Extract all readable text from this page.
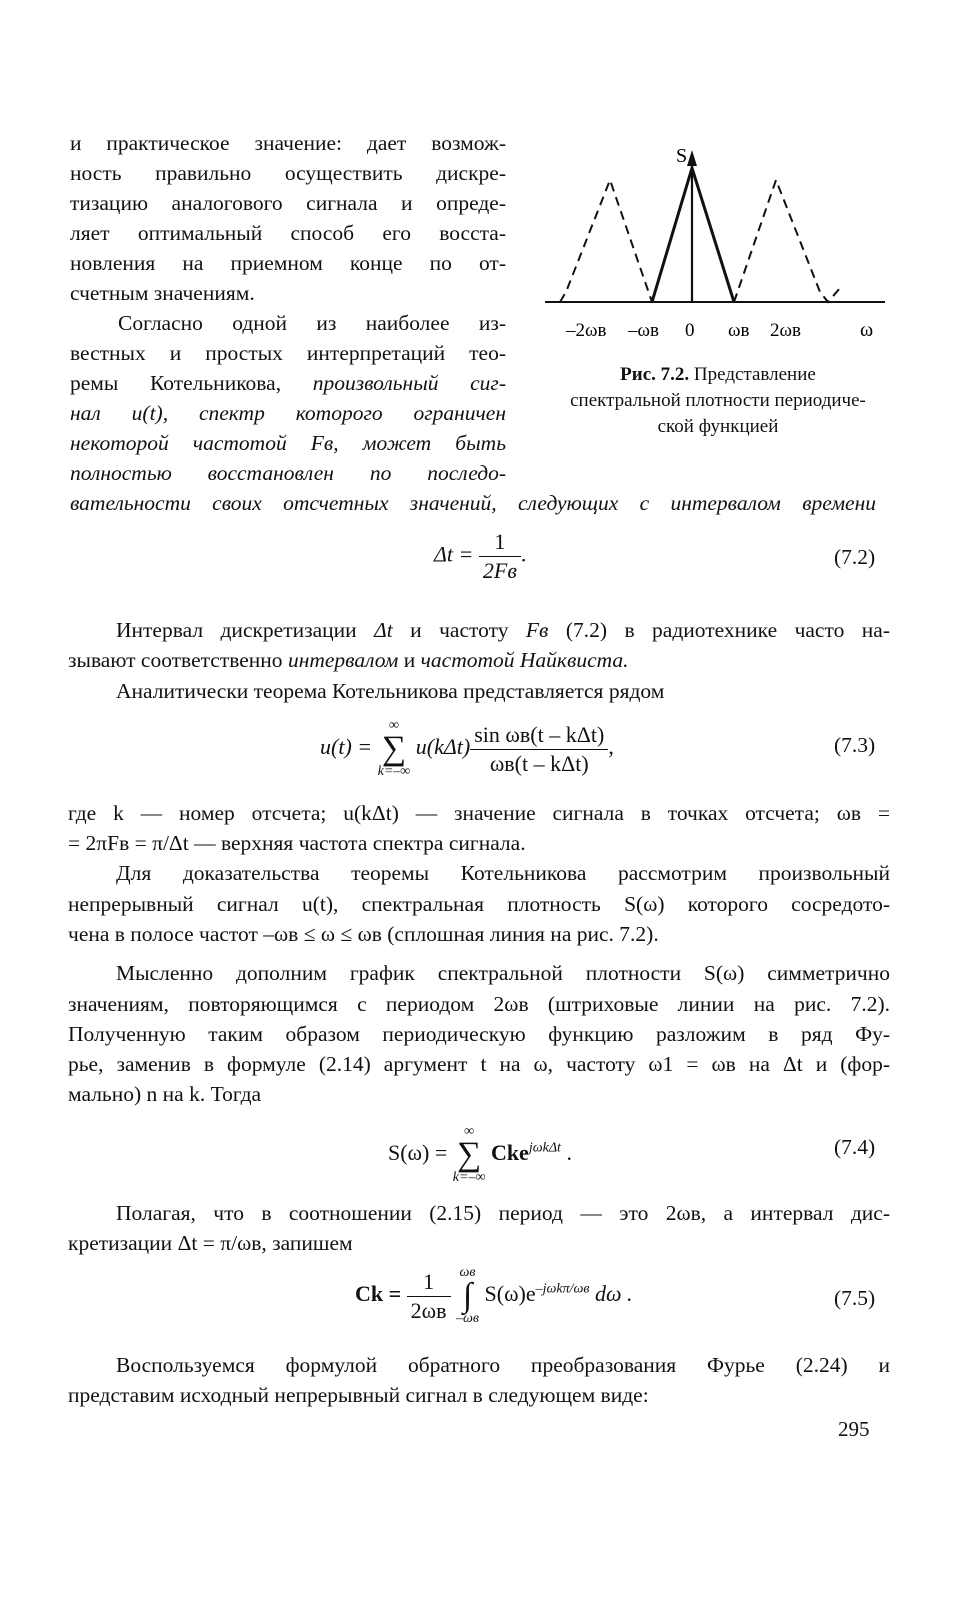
и практическое значение: дает возмож-
ность правильно осуществить дискре-
тизацию аналогового сигнала и опреде-
ляет оптимальный способ его восста-
новления на приемном конце по от-
счетным значениям.
Согласно одной из наиболее из-
вестных и простых интерпретаций тео-
ремы Котельникова, произвольный сиг-
нал u(t), спектр которого ограничен
некоторой частотой Fв, может быть
полностью восстановлен по последо-
вательности своих отсчетных значений, следующих с интервалом времени
S
–2ωв –ωв 0 ωв 2ωв	ω
Рис. 7.2. Представление
спектральной плотности периодиче-
ской функцией
$\Delta t = \frac{1}{2Fв}$ .	(7.2)
Интервал дискретизации Δt и частоту Fв (7.2) в радиотехнике часто на-
зывают соответственно интервалом и частотой Найквиста.
Аналитически теорема Котельникова представляется рядом
u(t) =
∞
∑
k=–∞
$u(k\Delta t) \frac{\text{sin ωв(t – kΔt)}}{\text{ωв(t – kΔt)}}$ ,	(7.3)
где k — номер отсчета; u(kΔt) — значение сигнала в точках отсчета; ωв =
= 2πFв = π/Δt — верхняя частота спектра сигнала.
Для доказательства теоремы Котельникова рассмотрим произвольный
непрерывный сигнал u(t), спектральная плотность S(ω) которого сосредото-
чена в полосе частот –ωв ≤ ω ≤ ωв (сплошная линия на рис. 7.2).
Мысленно дополним график спектральной плотности S(ω) симметрично
значениям, повторяющимся с периодом 2ωв (штриховые линии на рис. 7.2).
Полученную таким образом периодическую функцию разложим в ряд Фу-
рье, заменив в формуле (2.14) аргумент t на ω, частоту ω1 = ωв на Δt и (фор-
мально) n на k. Тогда
S(ω) =
∞
∑
k=–∞
Cke$^{j\omega k\Delta t}$ .	(7.4)
Полагая, что в соотношении (2.15) период — это 2ωв, а интервал дис-
кретизации Δt = π/ωв, запишем
$Ck = \frac{1}{2\omega в}$
ωв
∫
–ωв
$S(\omega)e^{-j\omega k\pi/\omega в}$ dω .	(7.5)
Воспользуемся формулой обратного преобразования Фурье (2.24) и
представим исходный непрерывный сигнал в следующем виде:
295
